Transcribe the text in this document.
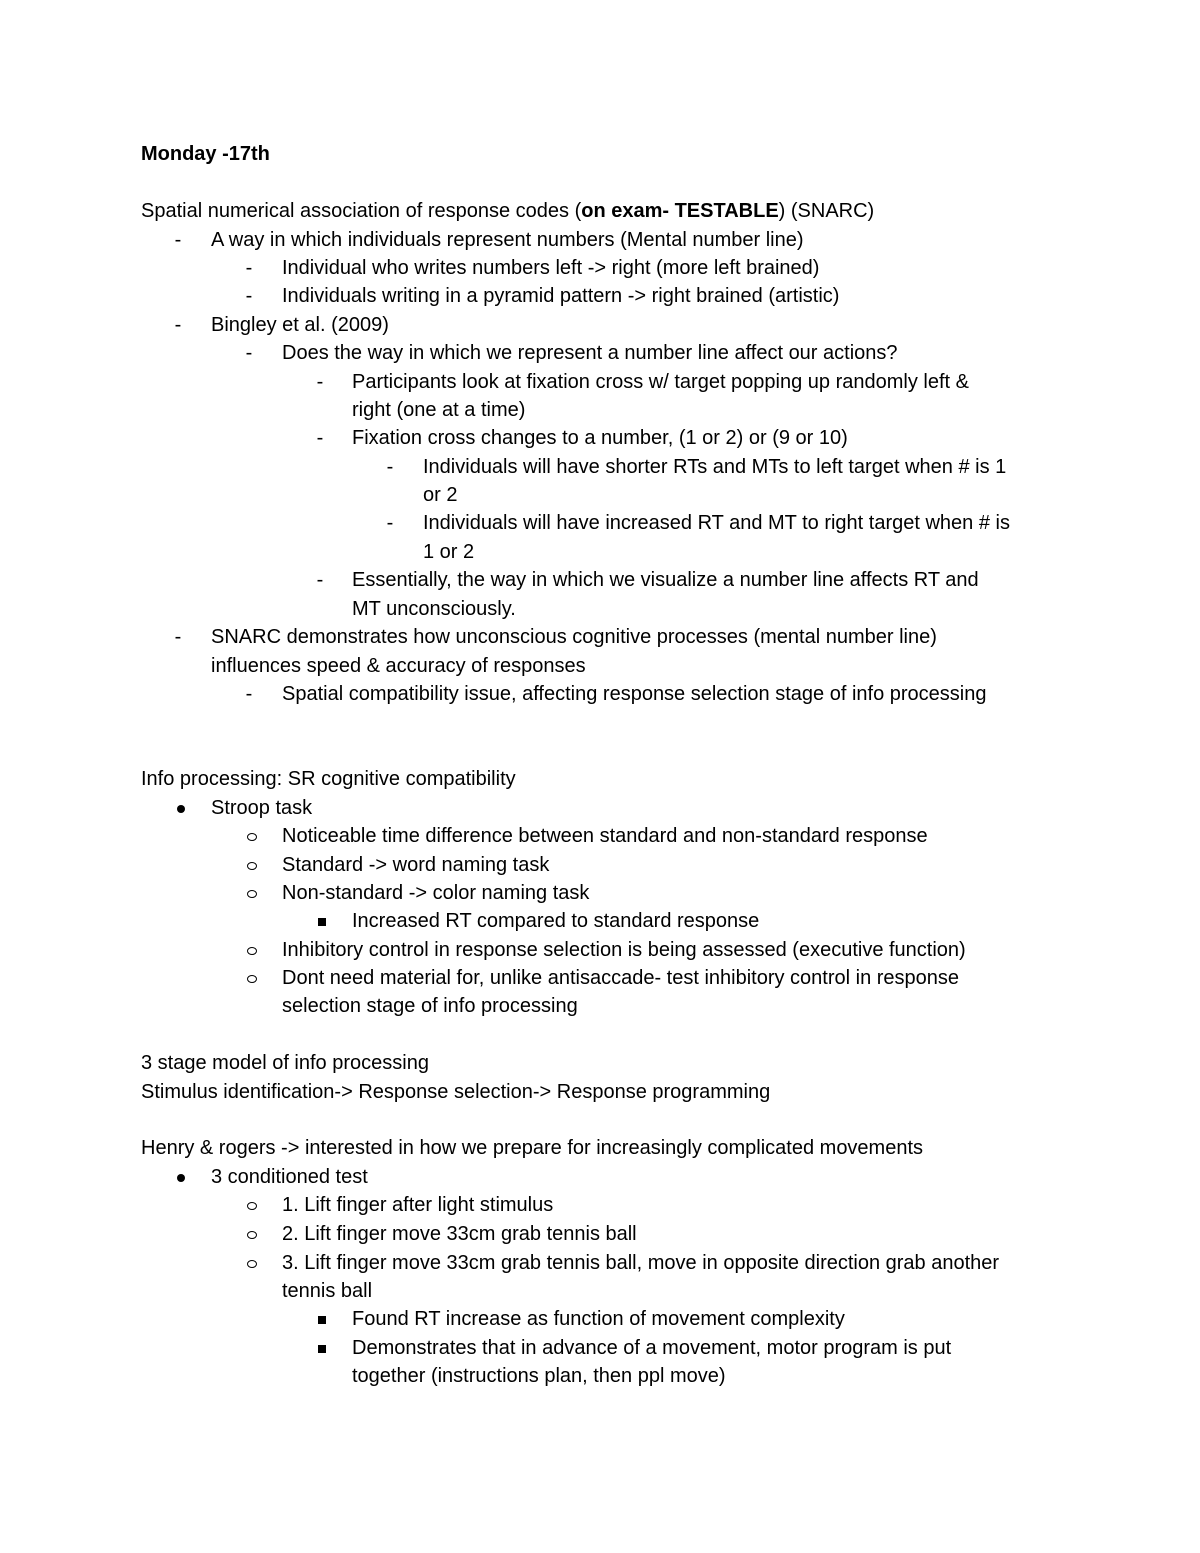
Monday -17th
Spatial numerical association of response codes (on exam- TESTABLE) (SNARC)
-	A way in which individuals represent numbers (Mental number line)
-	Individual who writes numbers left -> right (more left brained)
-	Individuals writing in a pyramid pattern -> right brained (artistic)
-	Bingley et al. (2009)
-	Does the way in which we represent a number line affect our actions?
-	Participants look at fixation cross w/ target popping up randomly left &
right (one at a time)
-	Fixation cross changes to a number, (1 or 2) or (9 or 10)
-	Individuals will have shorter RTs and MTs to left target when # is 1
or 2
-	Individuals will have increased RT and MT to right target when # is
1 or 2
-	Essentially, the way in which we visualize a number line affects RT and
MT unconsciously.
-	SNARC demonstrates how unconscious cognitive processes (mental number line)
influences speed & accuracy of responses
-	Spatial compatibility issue, affecting response selection stage of info processing
Info processing: SR cognitive compatibility
Stroop task
Noticeable time difference between standard and non-standard response
Standard -> word naming task
Non-standard -> color naming task
Increased RT compared to standard response
Inhibitory control in response selection is being assessed (executive function)
Dont need material for, unlike antisaccade- test inhibitory control in response
selection stage of info processing
3 stage model of info processing
Stimulus identification-> Response selection-> Response programming
Henry & rogers -> interested in how we prepare for increasingly complicated movements
3 conditioned test
1. Lift finger after light stimulus
2. Lift finger move 33cm grab tennis ball
3. Lift finger move 33cm grab tennis ball, move in opposite direction grab another
tennis ball
Found RT increase as function of movement complexity
Demonstrates that in advance of a movement, motor program is put
together (instructions plan, then ppl move)
